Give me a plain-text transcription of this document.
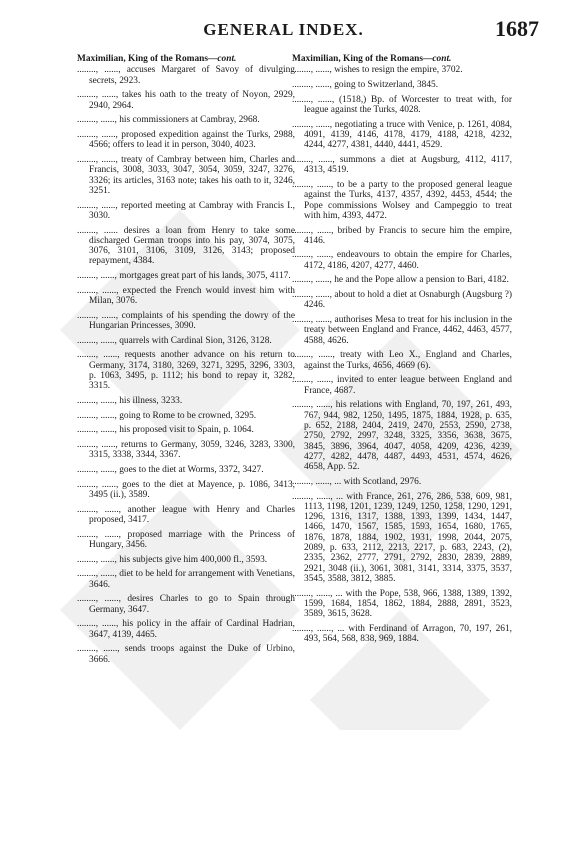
GENERAL INDEX.	1687
Maximilian, King of the Romans—cont.
........, ......, accuses Margaret of Savoy of divulging secrets, 2923.
........, ......, takes his oath to the treaty of Noyon, 2929, 2940, 2964.
........, ......, his commissioners at Cambray, 2968.
........, ......, proposed expedition against the Turks, 2988, 4566; offers to lead it in person, 3040, 4023.
........, ......, treaty of Cambray between him, Charles and Francis, 3008, 3033, 3047, 3054, 3059, 3247, 3276, 3326; its articles, 3163 note; takes his oath to it, 3246, 3251.
........, ......, reported meeting at Cambray with Francis I., 3030.
........, ...... desires a loan from Henry to take some discharged German troops into his pay, 3074, 3075, 3076, 3101, 3106, 3109, 3126, 3143; proposed repayment, 4384.
........, ......, mortgages great part of his lands, 3075, 4117.
........, ......, expected the French would invest him with Milan, 3076.
........, ......, complaints of his spending the dowry of the Hungarian Princesses, 3090.
........, ......, quarrels with Cardinal Sion, 3126, 3128.
........, ......, requests another advance on his return to Germany, 3174, 3180, 3269, 3271, 3295, 3296, 3303, p. 1063, 3495, p. 1112; his bond to repay it, 3282, 3315.
........, ......, his illness, 3233.
........, ......, going to Rome to be crowned, 3295.
........, ......, his proposed visit to Spain, p. 1064.
........, ......, returns to Germany, 3059, 3246, 3283, 3300, 3315, 3338, 3344, 3367.
........, ......, goes to the diet at Worms, 3372, 3427.
........, ......, goes to the diet at Mayence, p. 1086, 3413, 3495 (ii.), 3589.
........, ......, another league with Henry and Charles proposed, 3417.
........, ......, proposed marriage with the Princess of Hungary, 3456.
........, ......, his subjects give him 400,000 fl., 3593.
........, ......, diet to be held for arrangement with Venetians, 3646.
........, ......, desires Charles to go to Spain through Germany, 3647.
........, ......, his policy in the affair of Cardinal Hadrian, 3647, 4139, 4465.
........, ......, sends troops against the Duke of Urbino, 3666.
Maximilian, King of the Romans—cont.
........, ......, wishes to resign the empire, 3702.
........, ......, going to Switzerland, 3845.
........, ......, (1518,) Bp. of Worcester to treat with, for league against the Turks, 4028.
........, ......, negotiating a truce with Venice, p. 1261, 4084, 4091, 4139, 4146, 4178, 4179, 4188, 4218, 4232, 4244, 4277, 4381, 4440, 4441, 4529.
........, ......, summons a diet at Augsburg, 4112, 4117, 4313, 4519.
........, ......, to be a party to the proposed general league against the Turks, 4137, 4357, 4392, 4453, 4544; the Pope commissions Wolsey and Campeggio to treat with him, 4393, 4472.
........, ......, bribed by Francis to secure him the empire, 4146.
........, ......, endeavours to obtain the empire for Charles, 4172, 4186, 4207, 4277, 4460.
........, ......, he and the Pope allow a pension to Bari, 4182.
........, ......, about to hold a diet at Osnaburgh (Augsburg ?) 4246.
........, ......, authorises Mesa to treat for his inclusion in the treaty between England and France, 4462, 4463, 4577, 4588, 4626.
........, ......, treaty with Leo X., England and Charles, against the Turks, 4656, 4669 (6).
........, ......, invited to enter league between England and France, 4687.
........, ......, his relations with England, 70, 197, 261, 493, 767, 944, 982, 1250, 1495, 1875, 1884, 1928, p. 635, p. 652, 2188, 2404, 2419, 2470, 2553, 2590, 2738, 2750, 2792, 2997, 3248, 3325, 3356, 3638, 3675, 3845, 3896, 3964, 4047, 4058, 4209, 4236, 4239, 4277, 4282, 4478, 4487, 4493, 4531, 4574, 4626, 4658, App. 52.
........, ......, ... with Scotland, 2976.
........, ......, ... with France, 261, 276, 286, 538, 609, 981, 1113, 1198, 1201, 1239, 1249, 1250, 1258, 1290, 1291, 1296, 1316, 1317, 1388, 1393, 1399, 1434, 1447, 1466, 1470, 1567, 1585, 1593, 1654, 1680, 1765, 1876, 1878, 1884, 1902, 1931, 1998, 2044, 2075, 2089, p. 633, 2112, 2213, 2217, p. 683, 2243, (2), 2335, 2362, 2777, 2791, 2792, 2830, 2839, 2889, 2921, 3048 (ii.), 3061, 3081, 3141, 3314, 3375, 3537, 3545, 3588, 3812, 3885.
........, ......, ... with the Pope, 538, 966, 1388, 1389, 1392, 1599, 1684, 1854, 1862, 1884, 2888, 2891, 3523, 3589, 3615, 3628.
........, ......, ... with Ferdinand of Arragon, 70, 197, 261, 493, 564, 568, 838, 969, 1884.
